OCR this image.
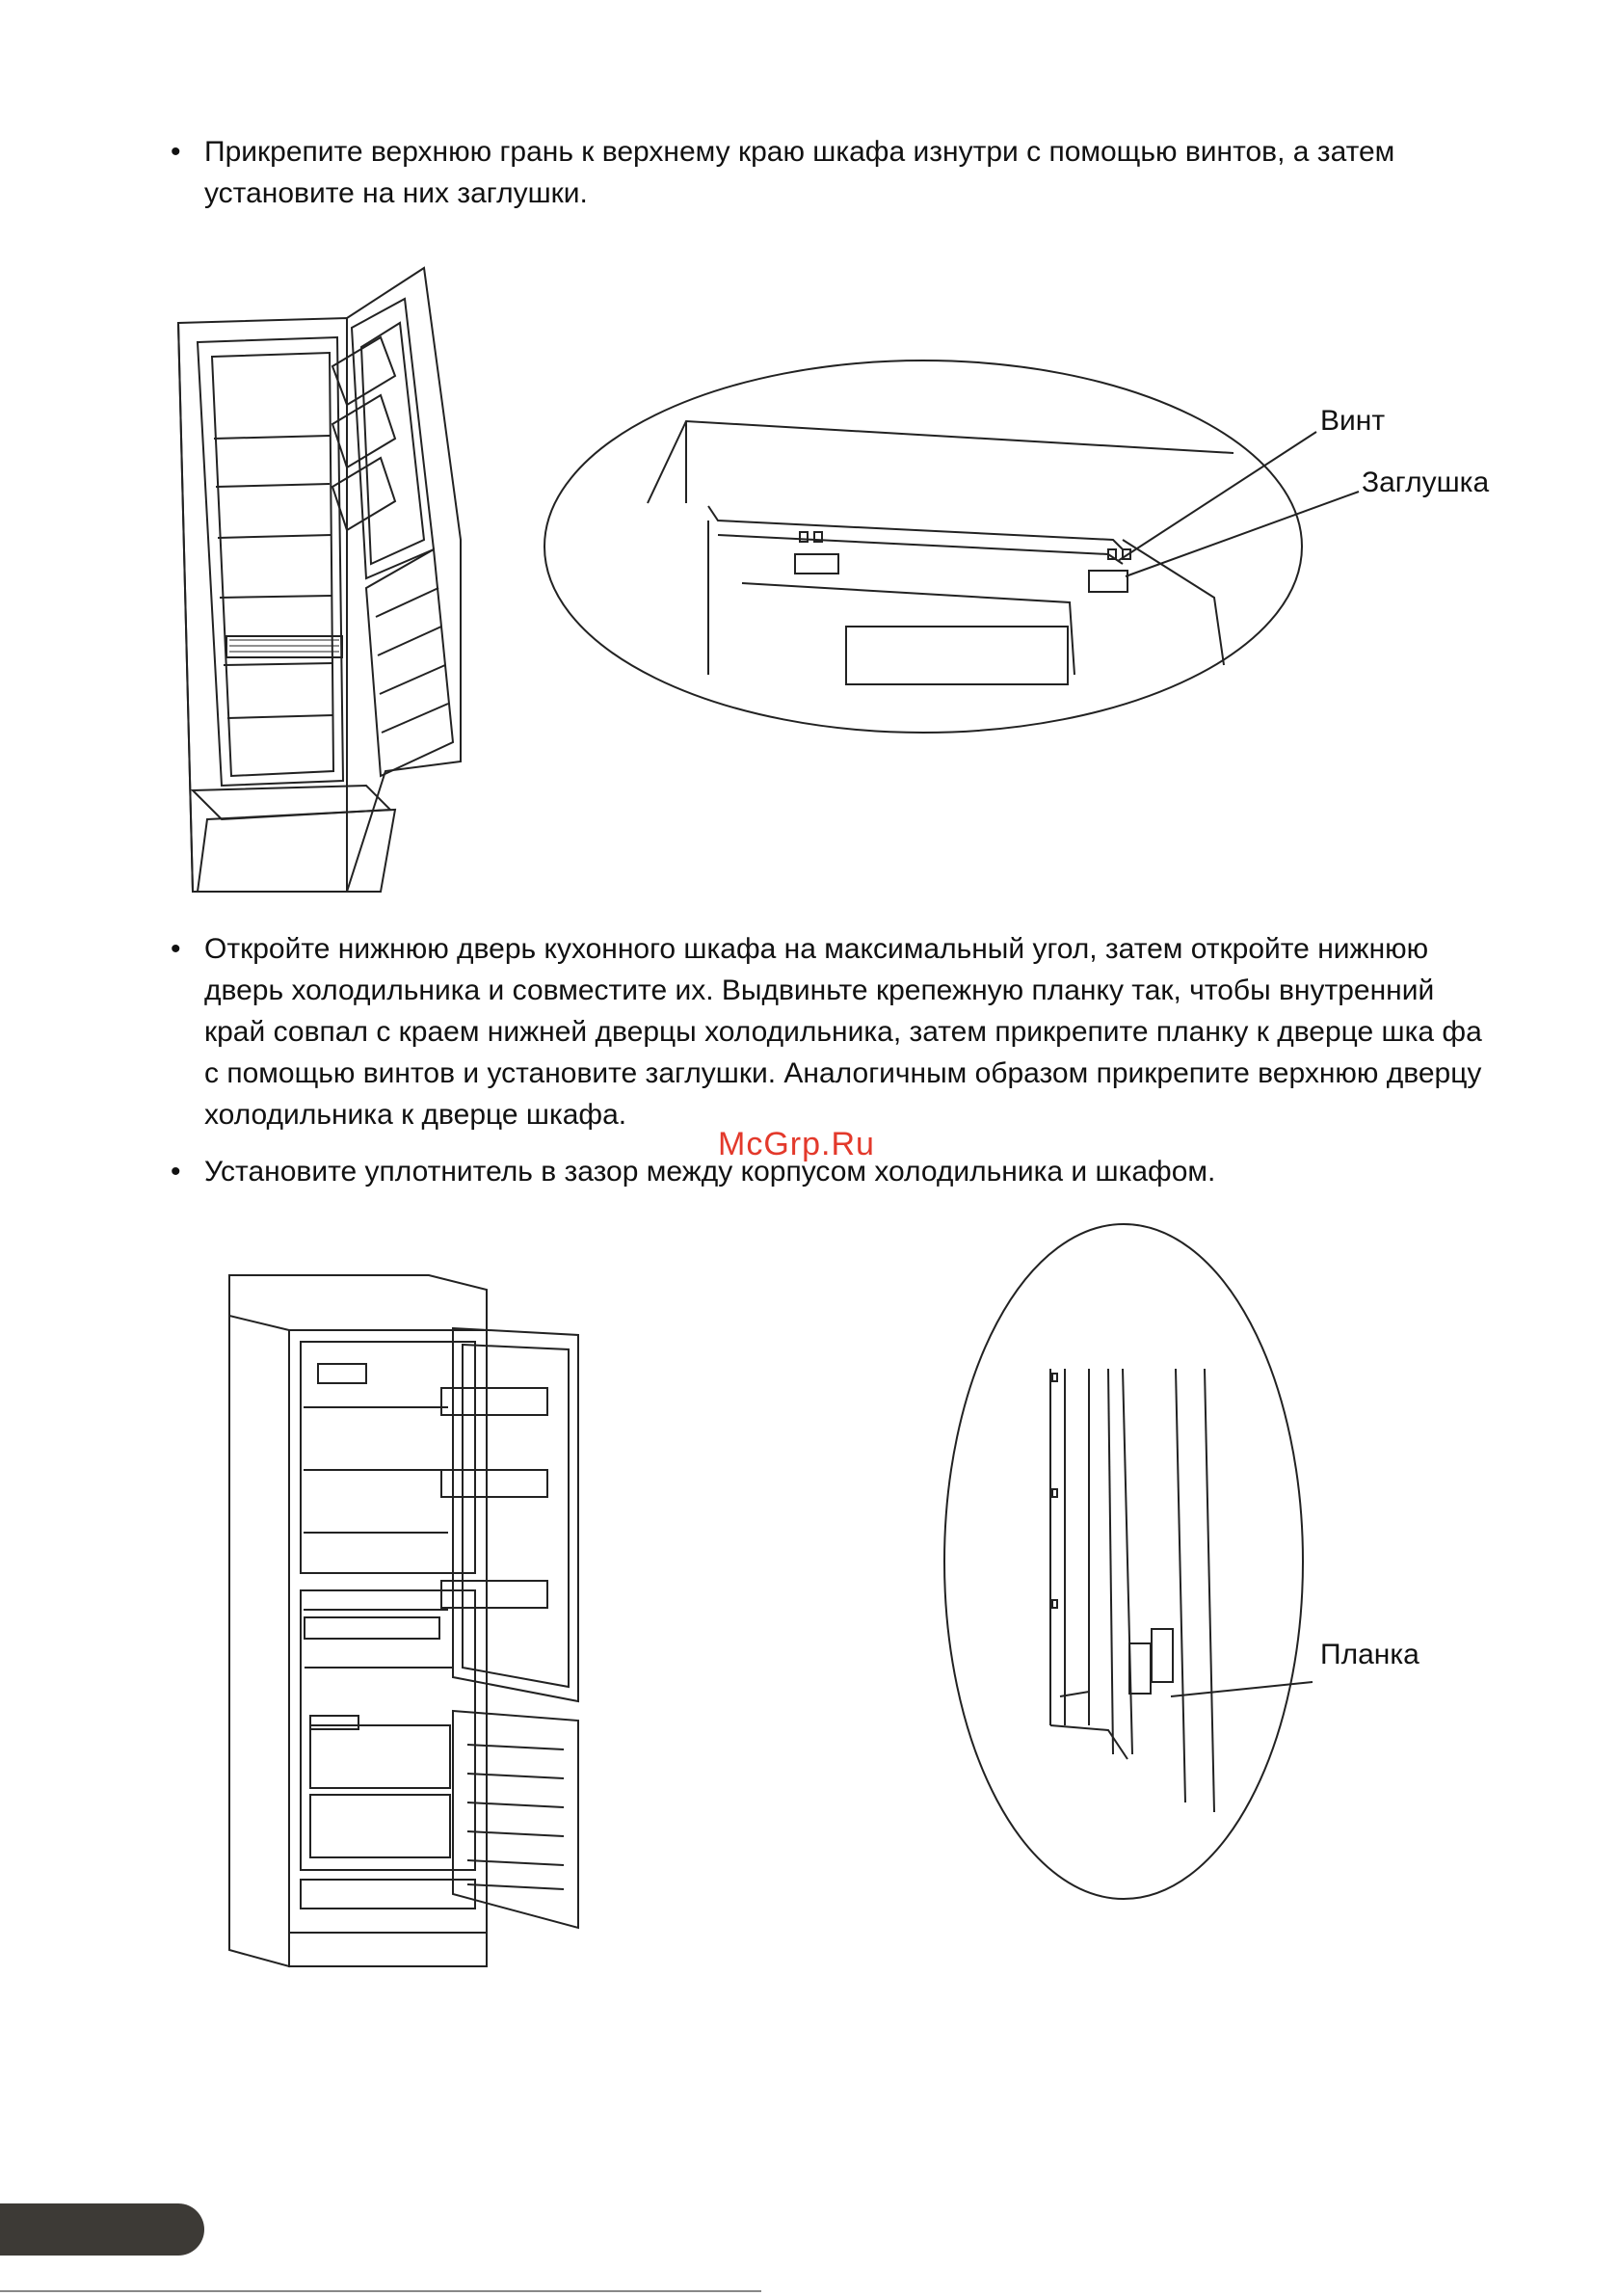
• Прикрепите верхнюю грань к верхнему краю шкафа изнутри с помощью винтов, а затем установите на них заглушки.
• Откройте нижнюю дверь кухонного шкафа на максимальный угол, затем откройте нижнюю дверь холодильника и совместите их. Выдвиньте крепежную планку так, чтобы внутренний край совпал с краем нижней дверцы холодильника, затем прикрепите планку к дверце шка фа с помощью винтов и установите заглушки. Аналогичным образом прикрепите верхнюю дверцу холодильника к дверце шкафа.
• Установите уплотнитель в зазор между корпусом холодильника и шкафом.
McGrp.Ru
Винт
Заглушка
Планка
